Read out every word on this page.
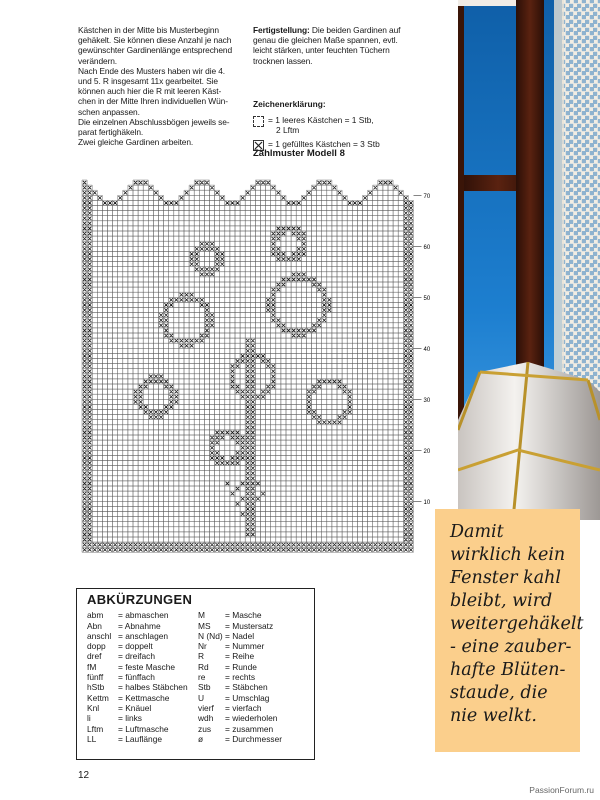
Kästchen in der Mitte bis Musterbeginn

gehäkelt. Sie können diese Anzahl je nach

gewünschter Gardinenlänge entsprechend

verändern.

Nach Ende des Musters haben wir die 4.

und 5. R insgesamt 11x gearbeitet. Sie

können auch hier die R mit leeren Käst-

chen in der Mitte Ihren individuellen Wün-

schen anpassen.

Die einzelnen Abschlussbögen jeweils se-

parat fertighäkeln.

Zwei gleiche Gardinen arbeiten.

Fertigstellung: Die beiden Gardinen auf

genau die gleichen Maße spannen, evtl.

leicht stärken, unter feuchten Tüchern

trocknen lassen.

Zeichenerklärung:
= 1 leeres Kästchen = 1 Stb,
2 Lftm
= 1 gefülltes Kästchen = 3 Stb
Zählmuster Modell 8
10
20
30
40
50
60
70
Damit
wirklich kein
Fenster kahl
bleibt, wird
weitergehäkelt
- eine zauber-
hafte Blüten-
staude, die
nie welkt.
ABKÜRZUNGEN
abm	= abmaschen	M	= Masche
Abn	= Abnahme	MS	= Mustersatz
anschl = anschlagen	N (Nd) = Nadel
dopp	= doppelt	Nr	= Nummer
dref	= dreifach	R	= Reihe
fM	= feste Masche	Rd	= Runde
fünff	= fünffach	re	= rechts
hStb	= halbes Stäbchen	Stb	= Stäbchen
Kettm	= Kettmasche	U	= Umschlag
Knl	= Knäuel	vierf	= vierfach
li	= links	wdh	= wiederholen
Lftm	= Luftmasche	zus	= zusammen
LL	= Lauflänge	ø	= Durchmesser
12
PassionForum.ru
